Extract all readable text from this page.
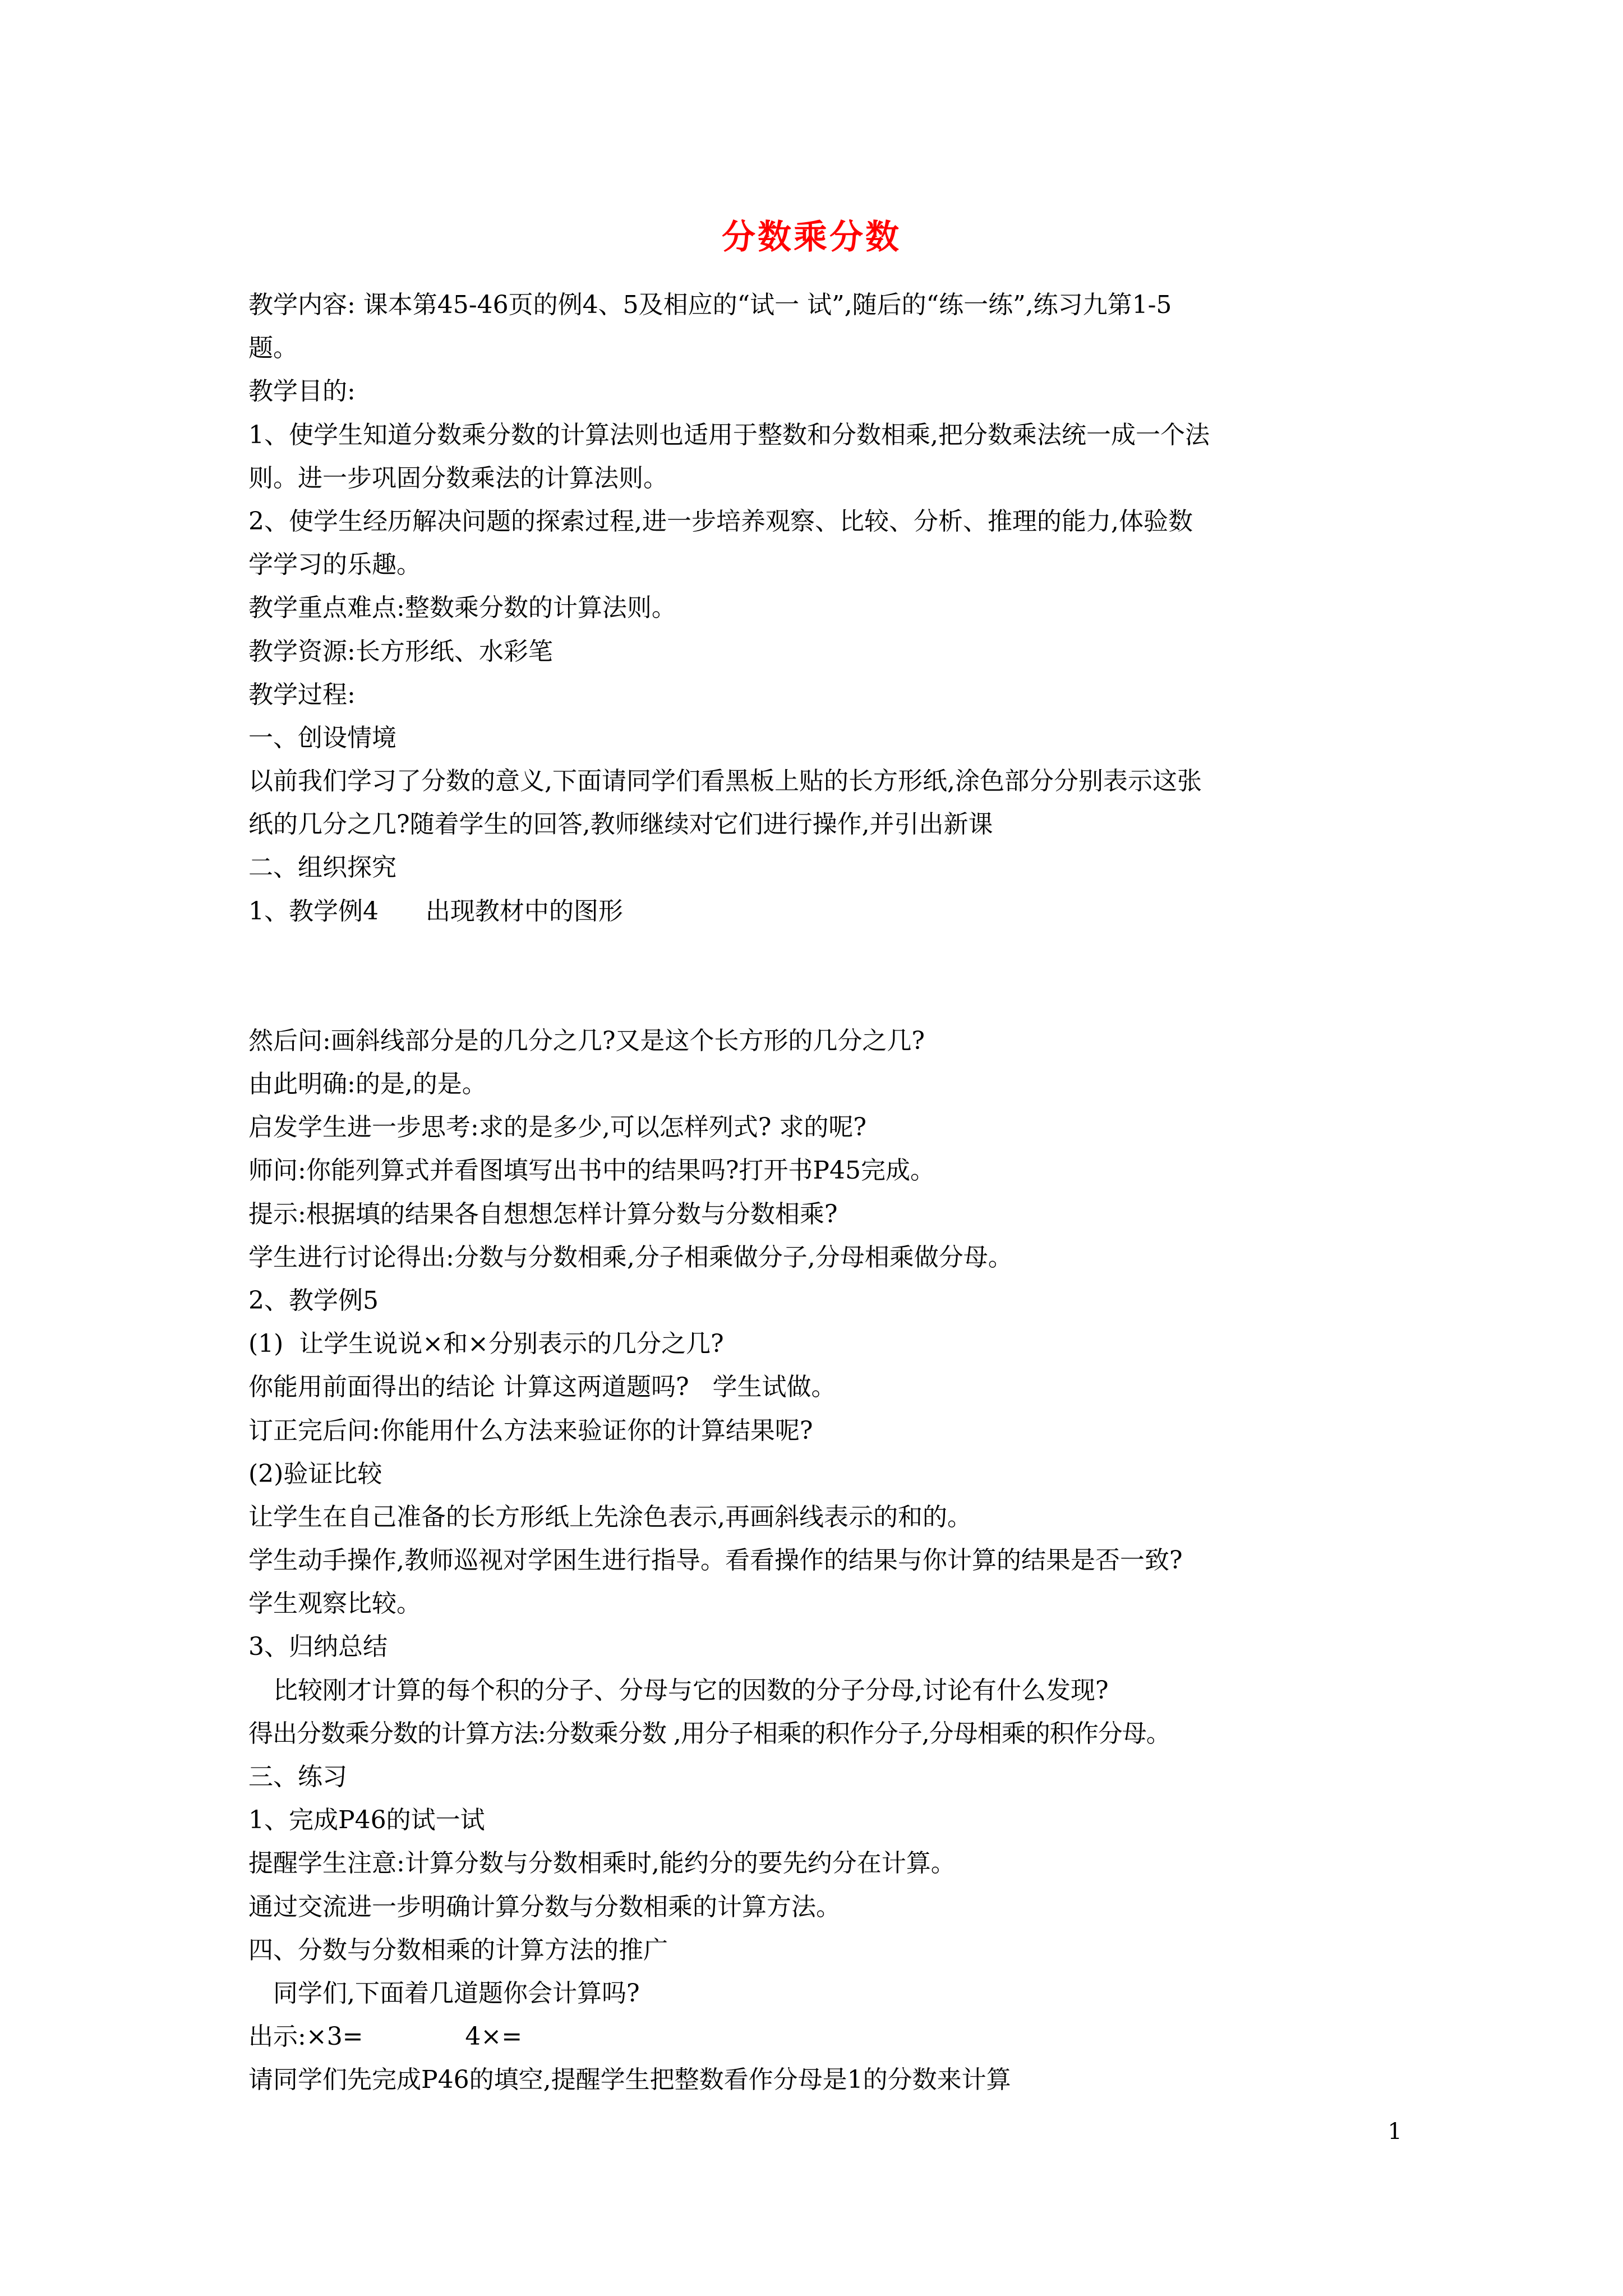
分数乘分数
教学内容: 课本第45-46页的例4、5及相应的“试一 试”,随后的“练一练”,练习九第1-5
题。
教学目的:
1、使学生知道分数乘分数的计算法则也适用于整数和分数相乘,把分数乘法统一成一个法
则。进一步巩固分数乘法的计算法则。
2、使学生经历解决问题的探索过程,进一步培养观察、比较、分析、推理的能力,体验数
学学习的乐趣。
教学重点难点:整数乘分数的计算法则。
教学资源:长方形纸、水彩笔
教学过程:
一、创设情境
以前我们学习了分数的意义,下面请同学们看黑板上贴的长方形纸,涂色部分分别表示这张
纸的几分之几?随着学生的回答,教师继续对它们进行操作,并引出新课
二、组织探究
1、教学例4      出现教材中的图形
然后问:画斜线部分是的几分之几?又是这个长方形的几分之几?
由此明确:的是,的是。
启发学生进一步思考:求的是多少,可以怎样列式? 求的呢?
师问:你能列算式并看图填写出书中的结果吗?打开书P45完成。
提示:根据填的结果各自想想怎样计算分数与分数相乘?
学生进行讨论得出:分数与分数相乘,分子相乘做分子,分母相乘做分母。
2、教学例5
(1)  让学生说说×和×分别表示的几分之几?
你能用前面得出的结论 计算这两道题吗?   学生试做。
订正完后问:你能用什么方法来验证你的计算结果呢?
(2)验证比较
让学生在自己准备的长方形纸上先涂色表示,再画斜线表示的和的。
学生动手操作,教师巡视对学困生进行指导。看看操作的结果与你计算的结果是否一致?
学生观察比较。
3、归纳总结
比较刚才计算的每个积的分子、分母与它的因数的分子分母,讨论有什么发现?
得出分数乘分数的计算方法:分数乘分数 ,用分子相乘的积作分子,分母相乘的积作分母。
三、练习
1、完成P46的试一试
提醒学生注意:计算分数与分数相乘时,能约分的要先约分在计算。
通过交流进一步明确计算分数与分数相乘的计算方法。
四、分数与分数相乘的计算方法的推广
同学们,下面着几道题你会计算吗?
出示:×3=             4×=
请同学们先完成P46的填空,提醒学生把整数看作分母是1的分数来计算
1
